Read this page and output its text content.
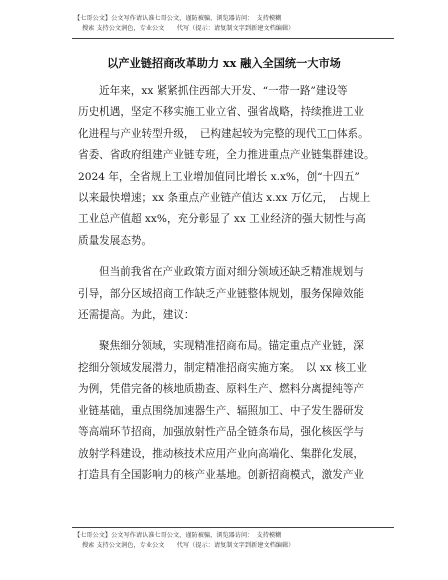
【七哥公文】公文写作请认准七哥公文，谨防被骗，浏览器访问：　支持模糊
搜索 支持公文润色，专业公文　　代写（提示：请复制文字到新建文档编辑）
以产业链招商改革助力 xx 融入全国统一大市场

近年来，xx 紧紧抓住西部大开发、“一带一路”建设等
历史机遇，坚定不移实施工业立省、强省战略，持续推进工业
化进程与产业转型升级，　已构建起较为完整的现代工□体系。
省委、省政府组建产业链专班，全力推进重点产业链集群建设。
2024 年，全省规上工业增加值同比增长 x.x%，创“十四五”
以来最快增速；xx 条重点产业链产值达 x.xx 万亿元，　占规上
工业总产值超 xx%，充分彰显了 xx 工业经济的强大韧性与高
质量发展态势。

但当前我省在产业政策方面对细分领域还缺乏精准规划与
引导，部分区域招商工作缺乏产业链整体规划，服务保障效能
还需提高。为此，建议：

聚焦细分领域，实现精准招商布局。锚定重点产业链，深
挖细分领域发展潜力，制定精准招商实施方案。　以 xx 核工业
为例，凭借完备的核地质勘查、原料生产、燃料分离提纯等产
业链基础，重点围绕加速器生产、辐照加工、中子发生器研发
等高端环节招商，加强放射性产品全链条布局，强化核医学与
放射学科建设，推动核技术应用产业向高端化、集群化发展，
打造具有全国影响力的核产业基地。创新招商模式，激发产业

【七哥公文】公文写作请认准七哥公文，谨防被骗，浏览器访问：　支持模糊
搜索 支持公文润色，专业公文　　代写（提示：请复制文字到新建文档编辑）
